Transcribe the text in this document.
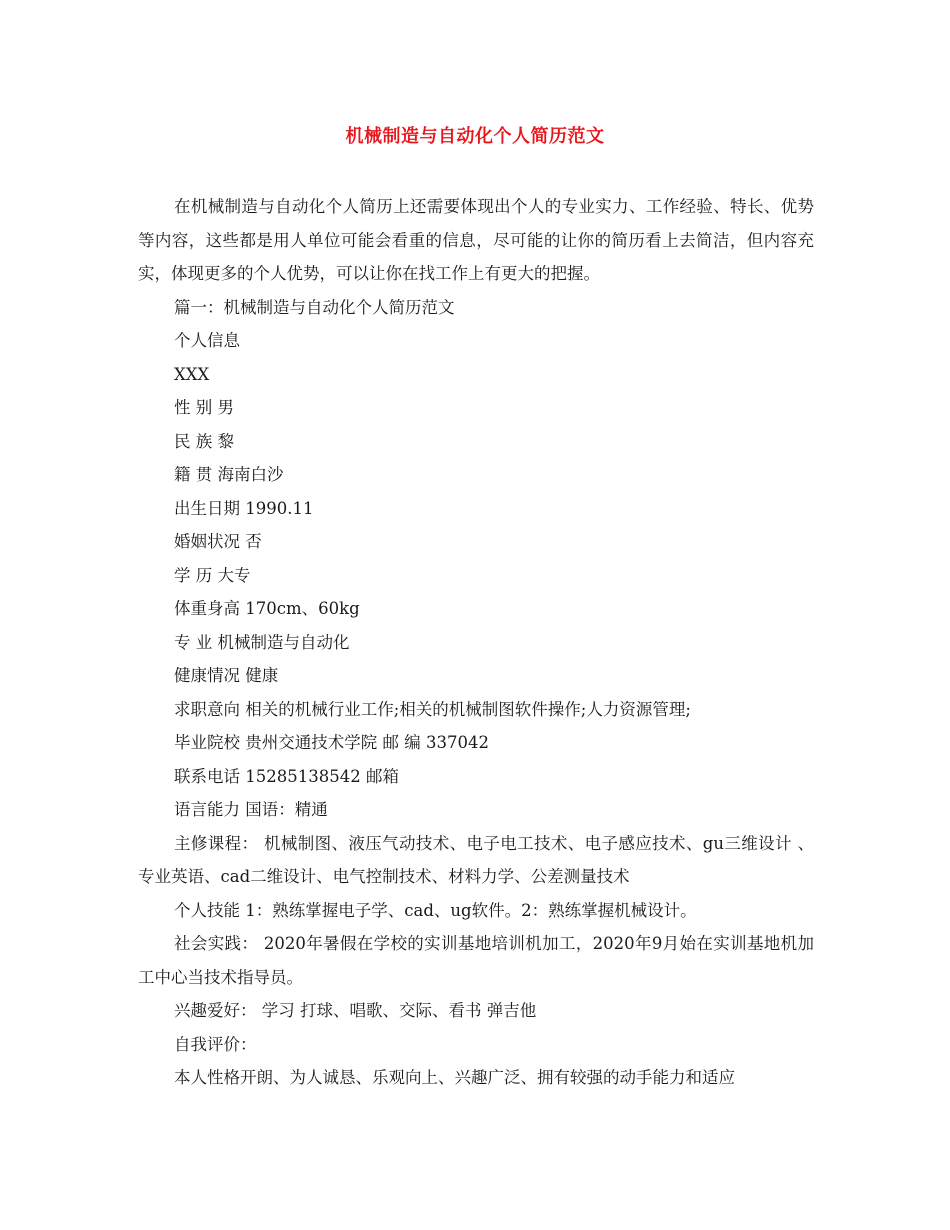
机械制造与自动化个人简历范文

在机械制造与自动化个人简历上还需要体现出个人的专业实力、工作经验、特长、优势等内容，这些都是用人单位可能会看重的信息，尽可能的让你的简历看上去简洁，但内容充实，体现更多的个人优势，可以让你在找工作上有更大的把握。

篇一：机械制造与自动化个人简历范文

个人信息

XXX

性 别 男

民 族 黎

籍 贯 海南白沙

出生日期 1990.11

婚姻状况 否

学 历 大专

体重身高 170cm、60kg

专 业 机械制造与自动化

健康情况 健康

求职意向 相关的机械行业工作;相关的机械制图软件操作;人力资源管理;

毕业院校 贵州交通技术学院 邮 编 337042

联系电话 15285138542 邮箱

语言能力 国语：精通

主修课程： 机械制图、液压气动技术、电子电工技术、电子感应技术、gu三维设计 、专业英语、cad二维设计、电气控制技术、材料力学、公差测量技术

个人技能 1：熟练掌握电子学、cad、ug软件。2：熟练掌握机械设计。

社会实践： 2020年暑假在学校的实训基地培训机加工，2020年9月始在实训基地机加工中心当技术指导员。

兴趣爱好： 学习 打球、唱歌、交际、看书 弹吉他

自我评价：

本人性格开朗、为人诚恳、乐观向上、兴趣广泛、拥有较强的动手能力和适应
